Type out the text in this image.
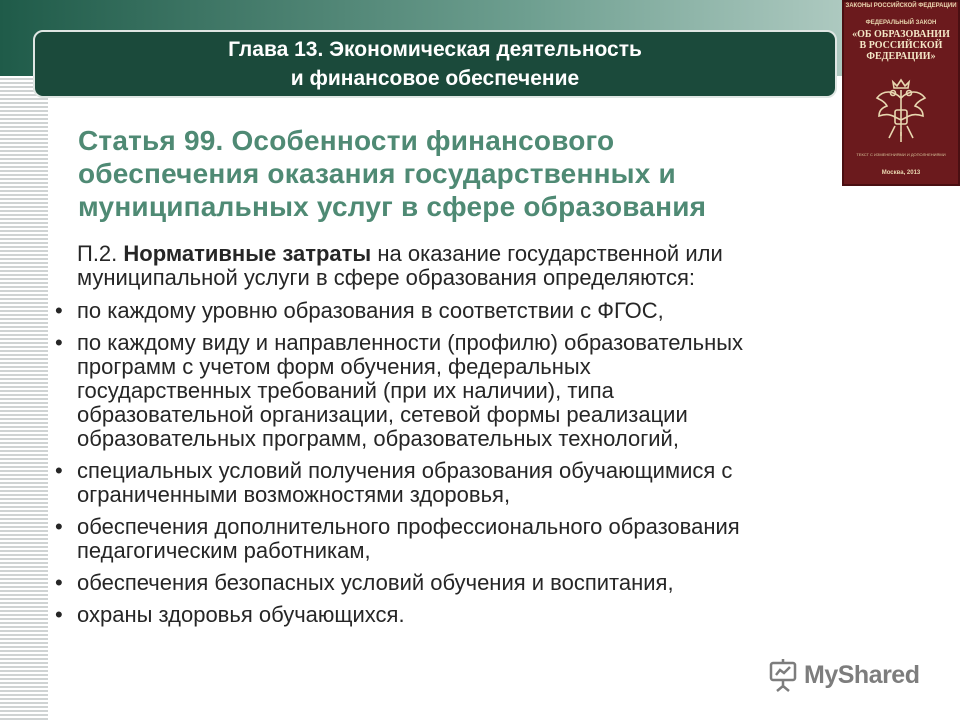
Глава 13. Экономическая деятельность
и финансовое обеспечение
ЗАКОНЫ РОССИЙСКОЙ ФЕДЕРАЦИИ
ФЕДЕРАЛЬНЫЙ ЗАКОН
«ОБ ОБРАЗОВАНИИ
В РОССИЙСКОЙ
ФЕДЕРАЦИИ»
ТЕКСТ С ИЗМЕНЕНИЯМИ И ДОПОЛНЕНИЯМИ
Москва, 2013
Статья 99. Особенности финансового
обеспечения оказания государственных и
муниципальных услуг в сфере образования
П.2. Нормативные затраты на оказание государственной или
муниципальной услуги в сфере образования определяются:
• по каждому уровню образования в соответствии с ФГОС,
• по каждому виду и направленности (профилю) образовательных
программ с учетом форм обучения, федеральных
государственных требований (при их наличии), типа
образовательной организации, сетевой формы реализации
образовательных программ, образовательных технологий,
• специальных условий получения образования обучающимися с
ограниченными возможностями здоровья,
• обеспечения дополнительного профессионального образования
педагогическим работникам,
• обеспечения безопасных условий обучения и воспитания,
• охраны здоровья обучающихся.
MyShared
